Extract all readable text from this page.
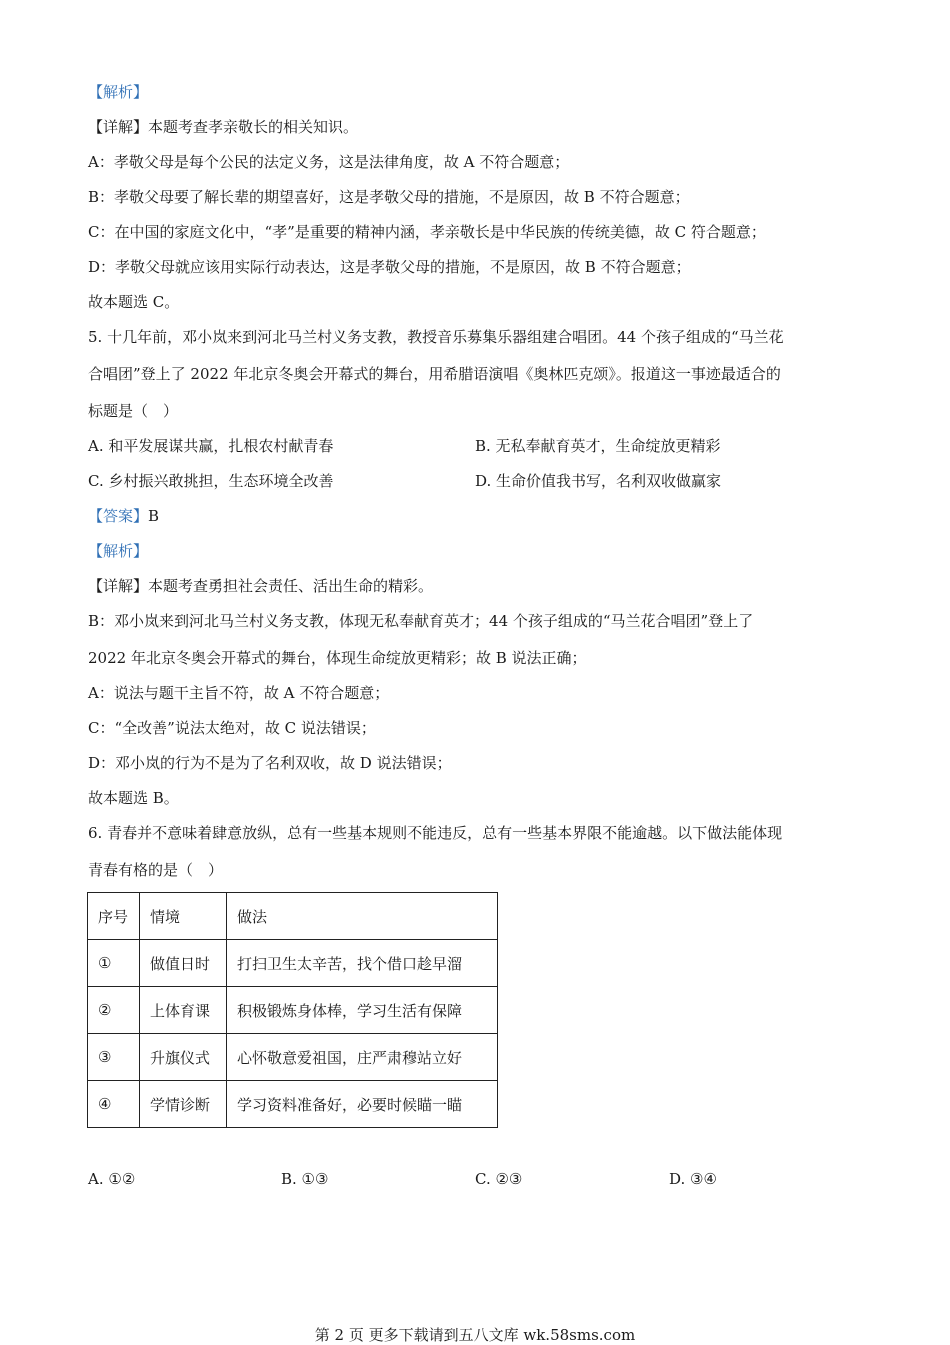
【解析】
【详解】本题考查孝亲敬长的相关知识。
A：孝敬父母是每个公民的法定义务，这是法律角度，故 A 不符合题意；
B：孝敬父母要了解长辈的期望喜好，这是孝敬父母的措施，不是原因，故 B 不符合题意；
C：在中国的家庭文化中，“孝”是重要的精神内涵，孝亲敬长是中华民族的传统美德，故 C 符合题意；
D：孝敬父母就应该用实际行动表达，这是孝敬父母的措施，不是原因，故 B 不符合题意；
故本题选 C。
5. 十几年前，邓小岚来到河北马兰村义务支教，教授音乐募集乐器组建合唱团。44 个孩子组成的“马兰花
合唱团”登上了 2022 年北京冬奥会开幕式的舞台，用希腊语演唱《奥林匹克颂》。报道这一事迹最适合的
标题是（　）
A. 和平发展谋共赢，扎根农村献青春	B. 无私奉献育英才，生命绽放更精彩
C. 乡村振兴敢挑担，生态环境全改善	D. 生命价值我书写，名利双收做赢家
【答案】B
【解析】
【详解】本题考查勇担社会责任、活出生命的精彩。
B：邓小岚来到河北马兰村义务支教，体现无私奉献育英才；44 个孩子组成的“马兰花合唱团”登上了
2022 年北京冬奥会开幕式的舞台，体现生命绽放更精彩；故 B 说法正确；
A：说法与题干主旨不符，故 A 不符合题意；
C：“全改善”说法太绝对，故 C 说法错误；
D：邓小岚的行为不是为了名利双收，故 D 说法错误；
故本题选 B。
6. 青春并不意味着肆意放纵，总有一些基本规则不能违反，总有一些基本界限不能逾越。以下做法能体现
青春有格的是（　）
序号	情境	做法
①	做值日时	打扫卫生太辛苦，找个借口趁早溜
②	上体育课	积极锻炼身体棒，学习生活有保障
③	升旗仪式	心怀敬意爱祖国，庄严肃穆站立好
④	学情诊断	学习资料准备好，必要时候瞄一瞄
A. ①②	B. ①③	C. ②③	D. ③④
第 2 页 更多下载请到五八文库 wk.58sms.com
